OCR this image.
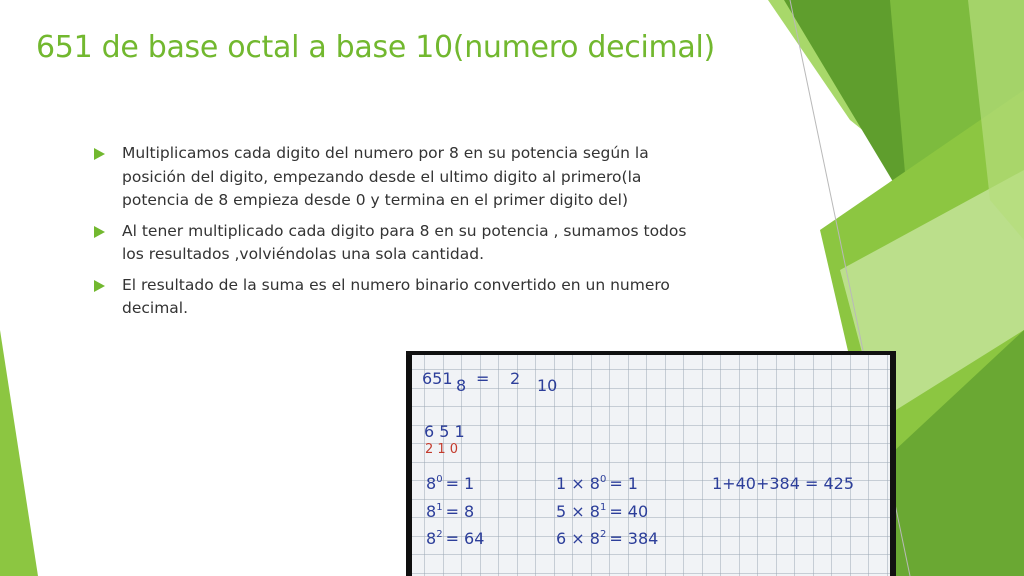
651 de base octal a base 10(numero decimal)
Multiplicamos cada digito del numero por 8 en su potencia según la posición del digito, empezando desde el ultimo digito al primero(la potencia de 8 empieza desde 0 y termina en el primer digito del)
Al tener multiplicado cada digito para 8 en su potencia , sumamos todos los resultados ,volviéndolas una sola cantidad.
El resultado de la suma es el numero binario convertido en un numero decimal.
651 8 = 2 10
6 5 1
2 1 0
$8^0 = 1$
$8^1 = 8$
$8^2 = 64$
$1 \times 8^0 = 1$
$5 \times 8^1 = 40$
$6 \times 8^2 = 384$
1+40+384 = 425
